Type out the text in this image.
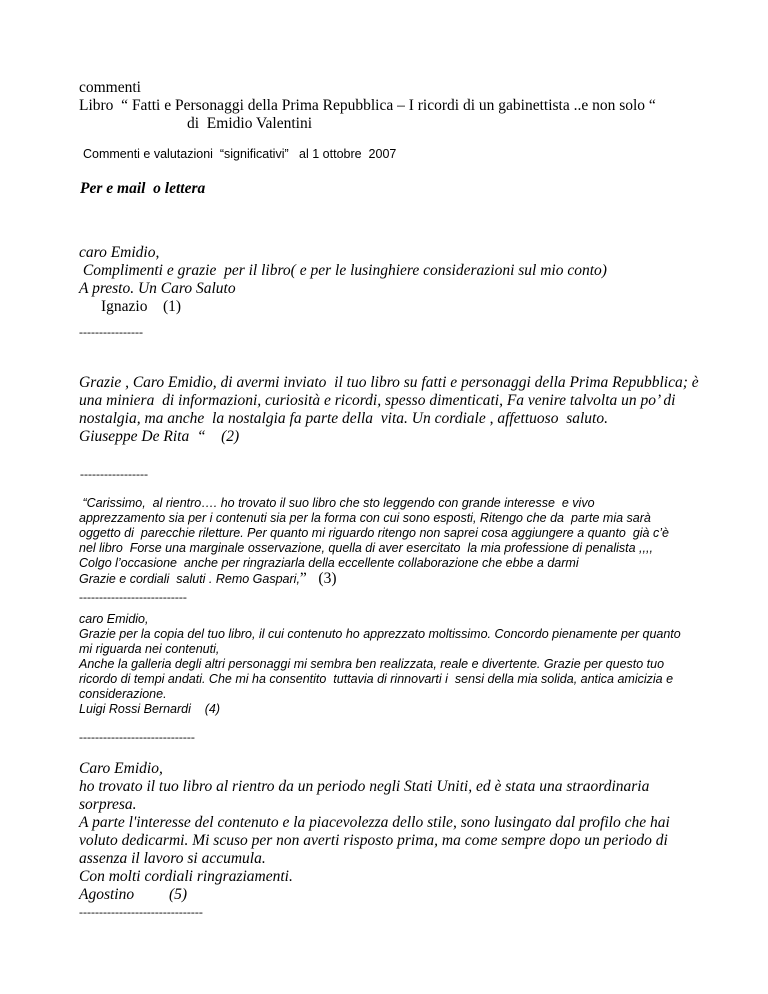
commenti
Libro  “ Fatti e Personaggi della Prima Repubblica – I ricordi di un gabinettista ..e non solo “
di  Emidio Valentini
Commenti e valutazioni  “significativi”   al 1 ottobre  2007
Per e mail  o lettera
caro Emidio,
Complimenti e grazie  per il libro( e per le lusinghiere considerazioni sul mio conto)
A presto. Un Caro Saluto
Ignazio    (1)
----------------
Grazie , Caro Emidio, di avermi inviato  il tuo libro su fatti e personaggi della Prima Repubblica; è
una miniera  di informazioni, curiosità e ricordi, spesso dimenticati, Fa venire talvolta un po’ di
nostalgia, ma anche  la nostalgia fa parte della  vita. Un cordiale , affettuoso  saluto.
Giuseppe De Rita  “    (2)
-----------------
“Carissimo,  al rientro…. ho trovato il suo libro che sto leggendo con grande interesse  e vivo
apprezzamento sia per i contenuti sia per la forma con cui sono esposti, Ritengo che da  parte mia sarà
oggetto di  parecchie riletture. Per quanto mi riguardo ritengo non saprei cosa aggiungere a quanto  già c’è
nel libro  Forse una marginale osservazione, quella di aver esercitato  la mia professione di penalista ,,,,
Colgo l’occasione  anche per ringraziarla della eccellente collaborazione che ebbe a darmi
Grazie e cordiali  saluti . Remo Gaspari,”   (3)
---------------------------
caro Emidio,
Grazie per la copia del tuo libro, il cui contenuto ho apprezzato moltissimo. Concordo pienamente per quanto
mi riguarda nei contenuti,
Anche la galleria degli altri personaggi mi sembra ben realizzata, reale e divertente. Grazie per questo tuo
ricordo di tempi andati. Che mi ha consentito  tuttavia di rinnovarti i  sensi della mia solida, antica amicizia e
considerazione.
Luigi Rossi Bernardi    (4)
-----------------------------
Caro Emidio,
ho trovato il tuo libro al rientro da un periodo negli Stati Uniti, ed è stata una straordinaria
sorpresa.
A parte l'interesse del contenuto e la piacevolezza dello stile, sono lusingato dal profilo che hai
voluto dedicarmi. Mi scuso per non averti risposto prima, ma come sempre dopo un periodo di
assenza il lavoro si accumula.
Con molti cordiali ringraziamenti.
Agostino         (5)
-------------------------------
